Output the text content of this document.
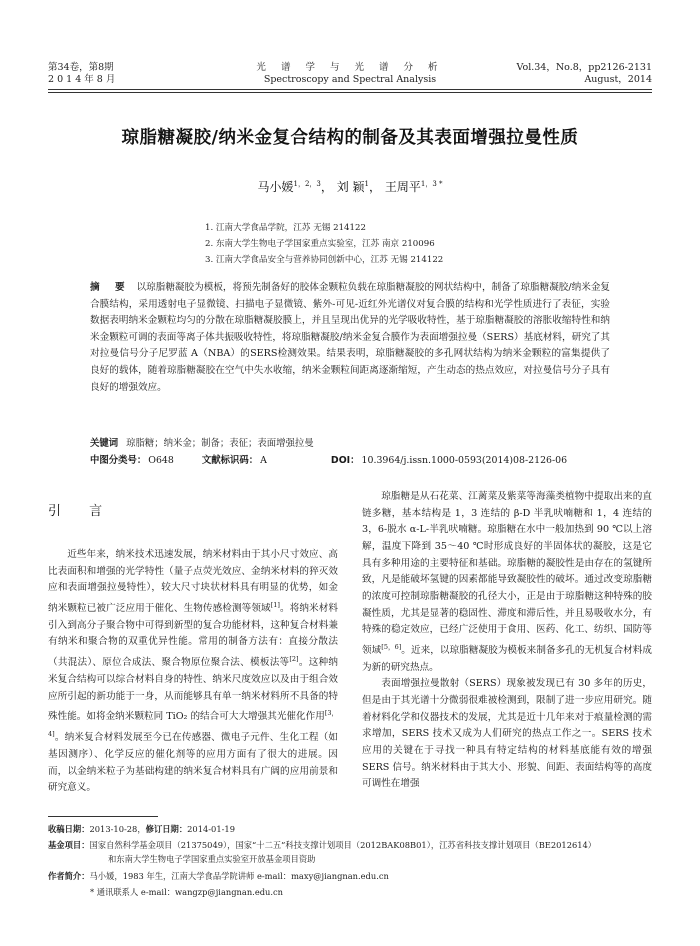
第34卷，第8期
2 0 1 4 年 8 月
光 谱 学 与 光 谱 分 析
Spectroscopy and Spectral Analysis
Vol.34，No.8，pp2126-2131
August，2014
琼脂糖凝胶/纳米金复合结构的制备及其表面增强拉曼性质
马小媛$^{1,2,3}$， 刘 颖$^1$， 王周平$^{1,3 *}$
1. 江南大学食品学院，江苏 无锡 214122
2. 东南大学生物电子学国家重点实验室，江苏 南京 210096
3. 江南大学食品安全与营养协同创新中心，江苏 无锡 214122
摘 要 以琼脂糖凝胶为模板，将预先制备好的胶体金颗粒负载在琼脂糖凝胶的网状结构中，制备了琼脂糖凝胶/纳米金复合膜结构，采用透射电子显微镜、扫描电子显微镜、紫外-可见-近红外光谱仪对复合膜的结构和光学性质进行了表征，实验数据表明纳米金颗粒均匀的分散在琼脂糖凝胶膜上，并且呈现出优异的光学吸收特性，基于琼脂糖凝胶的溶胀收缩特性和纳米金颗粒可调的表面等离子体共振吸收特性，将琼脂糖凝胶/纳米金复合膜作为表面增强拉曼（SERS）基底材料，研究了其对拉曼信号分子尼罗蓝 A（NBA）的SERS检测效果。结果表明，琼脂糖凝胶的多孔网状结构为纳米金颗粒的富集提供了良好的载体，随着琼脂糖凝胶在空气中失水收缩，纳米金颗粒间距离逐渐缩短，产生动态的热点效应，对拉曼信号分子具有良好的增强效应。
关键词 琼脂糖；纳米金；制备；表征；表面增强拉曼
中图分类号： O648	文献标识码： A	DOI： 10.3964/j.issn.1000-0593(2014)08-2126-06
引 言

近些年来，纳米技术迅速发展，纳米材料由于其小尺寸效应、高比表面积和增强的光学特性（量子点荧光效应、金纳米材料的猝灭效应和表面增强拉曼特性），较大尺寸块状材料具有明显的优势，如金纳米颗粒已被广泛应用于催化、生物传感检测等领域[1]。将纳米材料引入到高分子聚合物中可得到新型的复合功能材料，这种复合材料兼有纳米和聚合物的双重优异性能。常用的制备方法有：直接分散法（共混法）、原位合成法、聚合物原位聚合法、模板法等[2]。这种纳米复合结构可以综合材料自身的特性、纳米尺度效应以及由于组合效应所引起的新功能于一身，从而能够具有单一纳米材料所不具备的特殊性能。如将金纳米颗粒同 TiO₂ 的结合可大大增强其光催化作用[3，4]。纳米复合材料发展至今已在传感器、微电子元件、生化工程（如基因测序）、化学反应的催化剂等的应用方面有了很大的进展。因而，以金纳米粒子为基础构建的纳米复合材料具有广阔的应用前景和研究意义。

琼脂糖是从石花菜、江蓠菜及紫菜等海藻类植物中提取出来的直链多糖，基本结构是 1，3 连结的 β-D 半乳吠喃糖和 1，4 连结的 3，6-脱水 α-L-半乳吠喃糖。琼脂糖在水中一般加热到 90 ℃以上溶解，温度下降到 35～40 ℃时形成良好的半固体状的凝胶，这是它具有多种用途的主要特征和基础。琼脂糖的凝胶性是由存在的氢键所致，凡是能破坏氢键的因素都能导致凝胶性的破坏。通过改变琼脂糖的浓度可控制琼脂糖凝胶的孔径大小，正是由于琼脂糖这种特殊的胶凝性质，尤其是显著的稳固性、滞度和滞后性，并且易吸收水分，有特殊的稳定效应，已经广泛使用于食用、医药、化工、纺织、国防等领域[5，6]。近来，以琼脂糖凝胶为模板来制备多孔的无机复合材料成为新的研究热点。

表面增强拉曼散射（SERS）现象被发现已有 30 多年的历史，但是由于其光谱十分微弱很难被检测到，限制了进一步应用研究。随着材料化学和仪器技术的发展，尤其是近十几年来对于痕量检测的需求增加，SERS 技术又成为人们研究的热点工作之一。SERS 技术应用的关键在于寻找一种具有特定结构的材料基底能有效的增强 SERS 信号。纳米材料由于其大小、形貌、间距、表面结构等的高度可调性在增强

收稿日期：2013-10-28，修订日期：2014-01-19
基金项目：国家自然科学基金项目（21375049），国家“十二五”科技支撑计划项目（2012BAK08B01），江苏省科技支撑计划项目（BE2012614）
和东南大学生物电子学国家重点实验室开放基金项目资助
作者简介：马小媛，1983 年生，江南大学食品学院讲师 e-mail：maxy@jiangnan.edu.cn
* 通讯联系人 e-mail：wangzp@jiangnan.edu.cn
